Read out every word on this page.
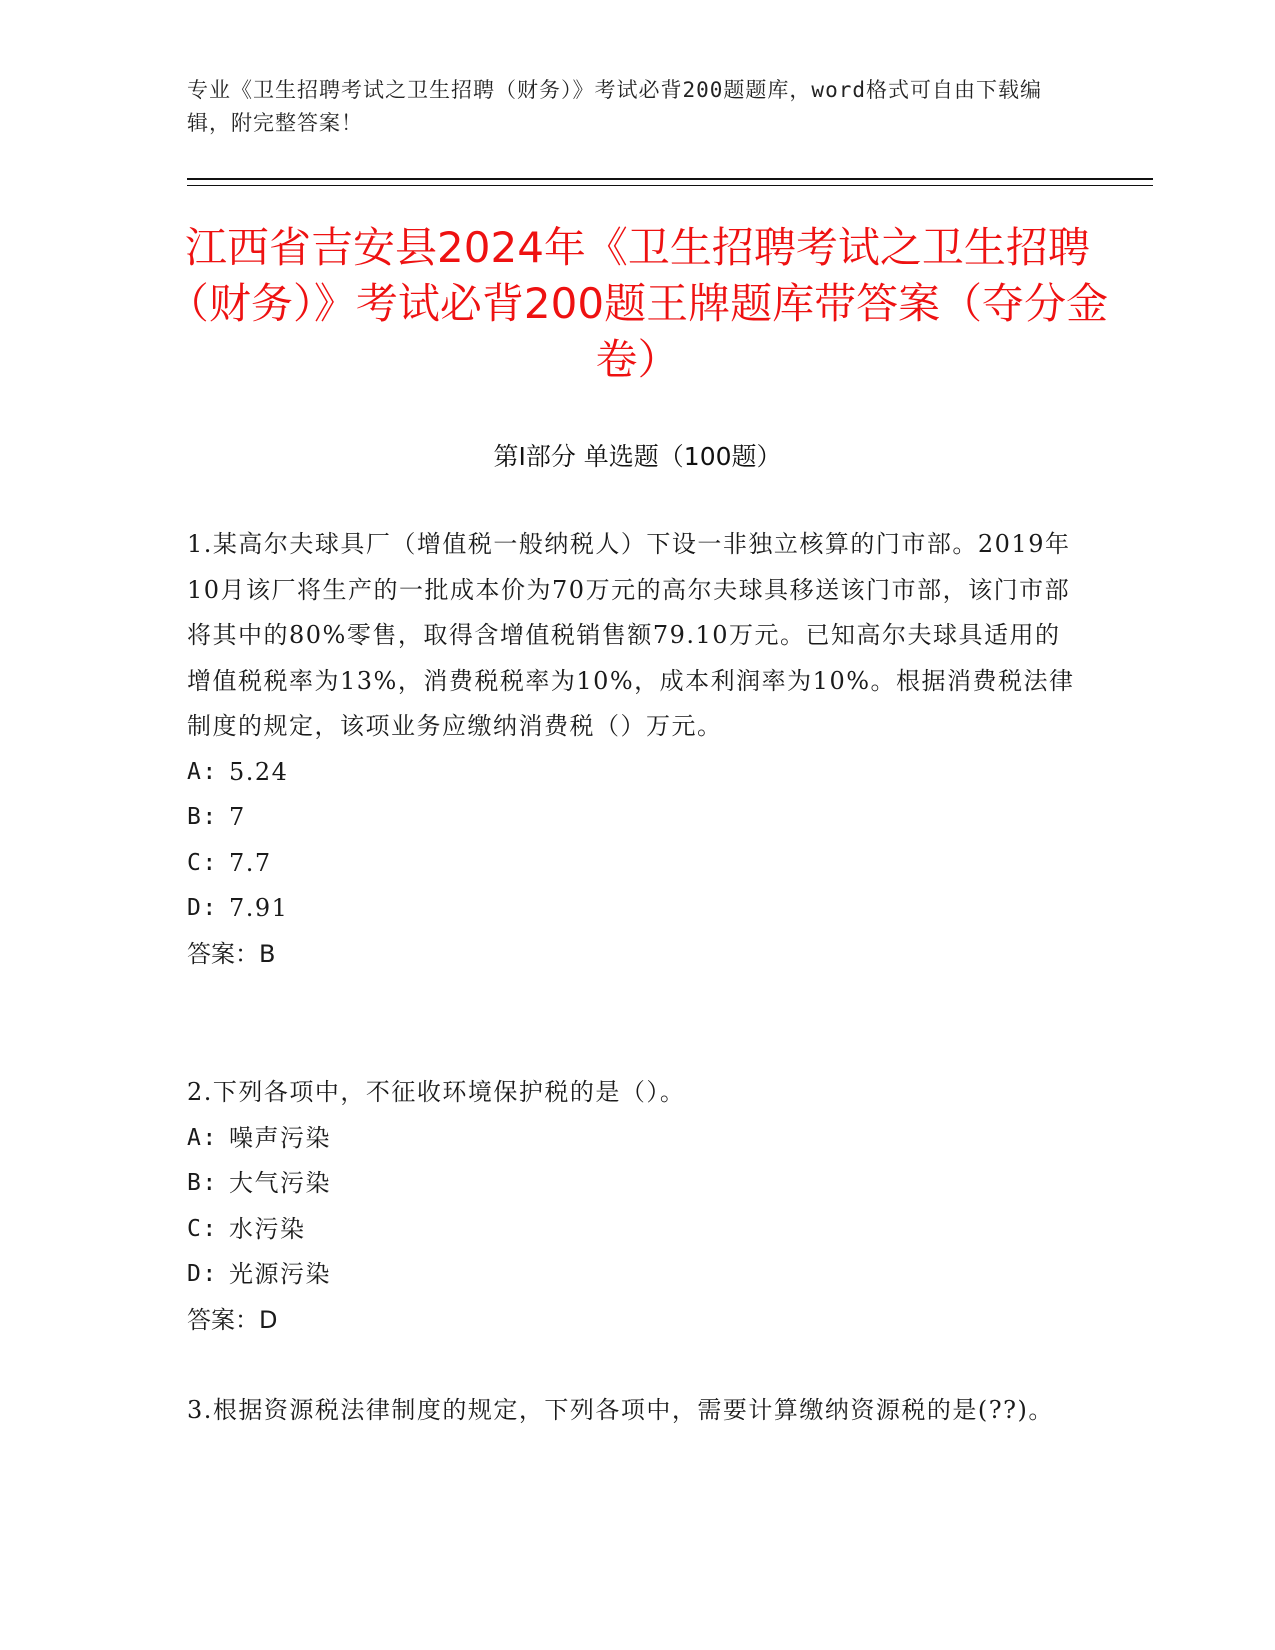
专业《卫生招聘考试之卫生招聘（财务）》考试必背200题题库，word格式可自由下载编辑，附完整答案！
江西省吉安县2024年《卫生招聘考试之卫生招聘（财务）》考试必背200题王牌题库带答案（夺分金卷）
第Ⅰ部分 单选题（100题）

1.某高尔夫球具厂（增值税一般纳税人）下设一非独立核算的门市部。2019年10月该厂将生产的一批成本价为70万元的高尔夫球具移送该门市部，该门市部将其中的80%零售，取得含增值税销售额79.10万元。已知高尔夫球具适用的增值税税率为13%，消费税税率为10%，成本利润率为10%。根据消费税法律制度的规定，该项业务应缴纳消费税（）万元。

A: 5.24

B: 7

C: 7.7

D: 7.91

答案：B

2.下列各项中，不征收环境保护税的是（）。

A: 噪声污染

B: 大气污染

C: 水污染

D: 光源污染

答案：D

3.根据资源税法律制度的规定，下列各项中，需要计算缴纳资源税的是(??)。
